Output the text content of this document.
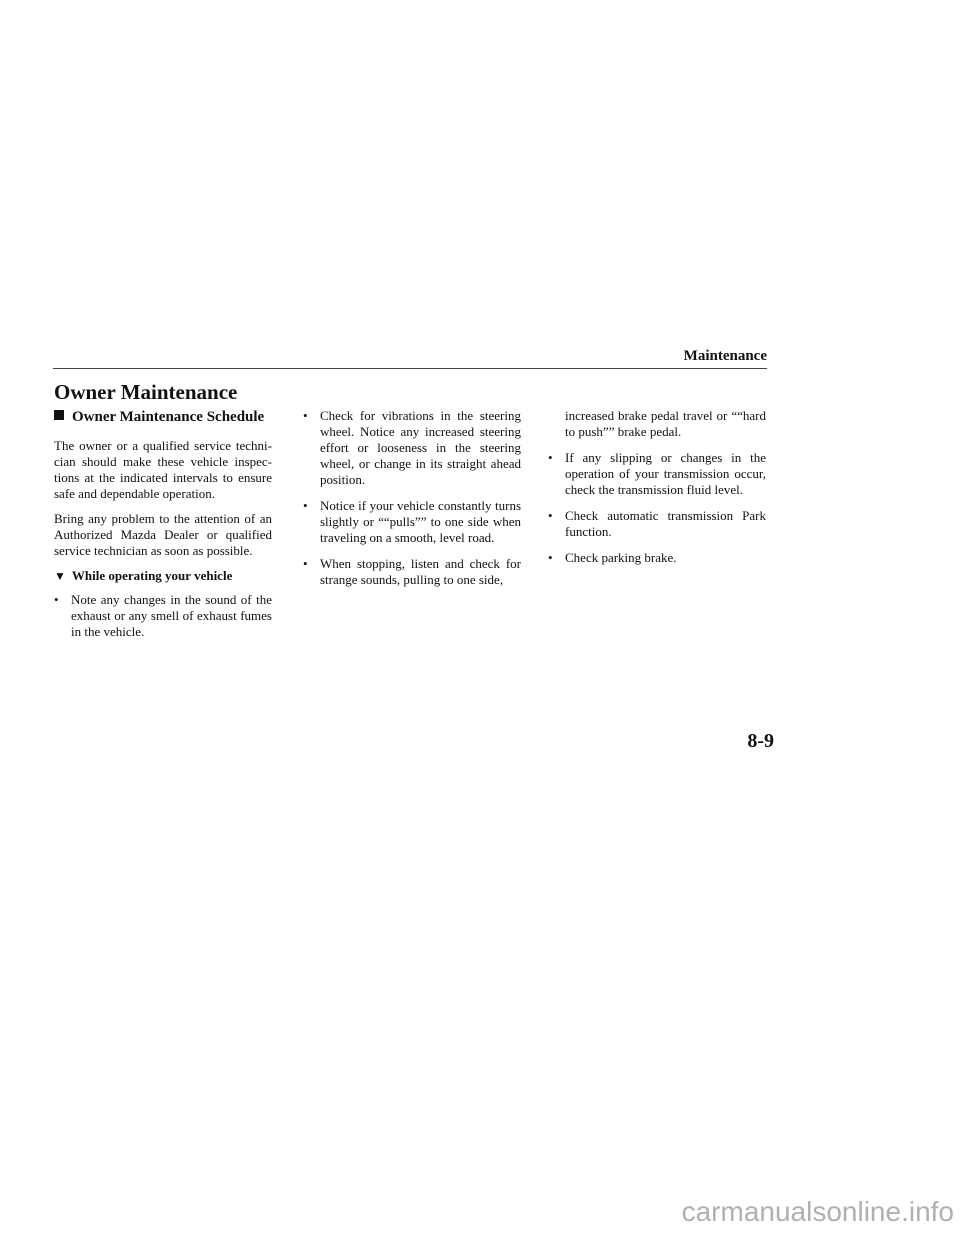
Maintenance
Owner Maintenance
Owner Maintenance Schedule

The owner or a qualified service techni-cian should make these vehicle inspec-tions at the indicated intervals to ensure safe and dependable operation.

Bring any problem to the attention of an Authorized Mazda Dealer or qualified service technician as soon as possible.

▼ While operating your vehicle
• Note any changes in the sound of the exhaust or any smell of exhaust fumes in the vehicle.
• Check for vibrations in the steering wheel. Notice any increased steering effort or looseness in the steering wheel, or change in its straight ahead position.
• Notice if your vehicle constantly turns slightly or ““pulls”” to one side when traveling on a smooth, level road.
• When stopping, listen and check for strange sounds, pulling to one side,
increased brake pedal travel or ““hard to push”” brake pedal.
• If any slipping or changes in the operation of your transmission occur, check the transmission fluid level.
• Check automatic transmission Park function.
• Check parking brake.
8-9
carmanualsonline.info
